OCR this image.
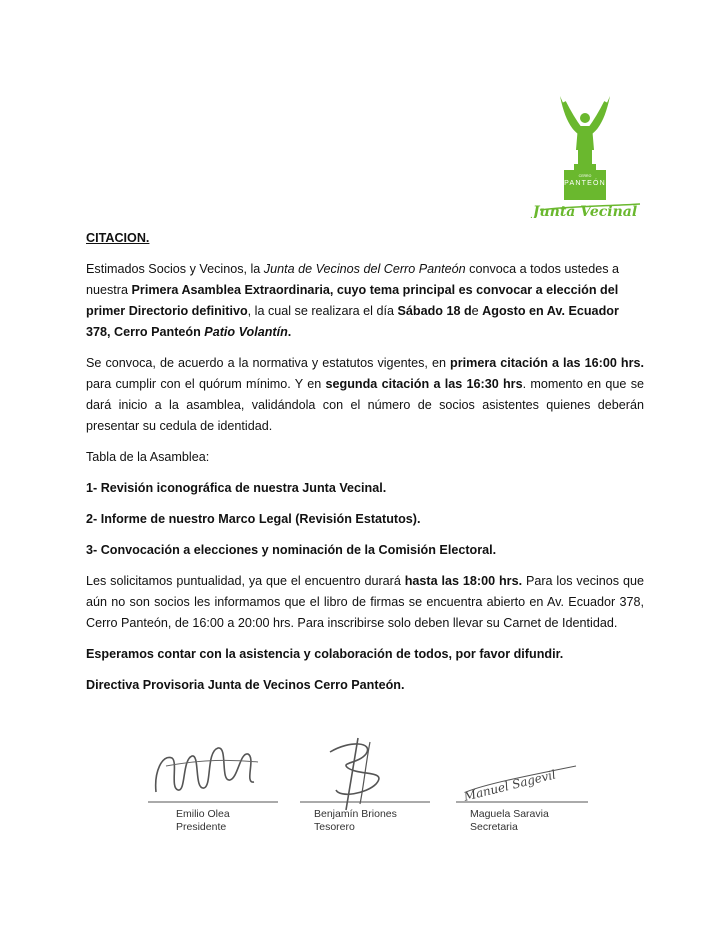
CERRO
PANTEÓN
Junta Vecinal

CITACION.

Estimados Socios y Vecinos, la Junta de Vecinos del Cerro Panteón convoca a todos ustedes a nuestra Primera Asamblea Extraordinaria, cuyo tema principal es convocar a elección del primer Directorio definitivo, la cual se realizara el día Sábado 18 de Agosto en Av. Ecuador 378, Cerro Panteón Patio Volantín.

Se convoca, de acuerdo a la normativa y estatutos vigentes, en primera citación a las 16:00 hrs. para cumplir con el quórum mínimo. Y en segunda citación a las 16:30 hrs. momento en que se dará inicio a la asamblea, validándola con el número de socios asistentes quienes deberán presentar su cedula de identidad.

Tabla de la Asamblea:

1- Revisión iconográfica de nuestra Junta Vecinal.

2- Informe de nuestro Marco Legal (Revisión Estatutos).

3- Convocación a elecciones y nominación de la Comisión Electoral.

Les solicitamos puntualidad, ya que el encuentro durará hasta las 18:00 hrs. Para los vecinos que aún no son socios les informamos que el libro de firmas se encuentra abierto en Av. Ecuador 378, Cerro Panteón, de 16:00 a 20:00 hrs. Para inscribirse solo deben llevar su Carnet de Identidad.

Esperamos contar con la asistencia y colaboración de todos, por favor difundir.

Directiva Provisoria Junta de Vecinos Cerro Panteón.

Emilio Olea
Presidente
Benjamín Briones
Tesorero
Manuel Sagevil
Maguela Saravia
Secretaria
